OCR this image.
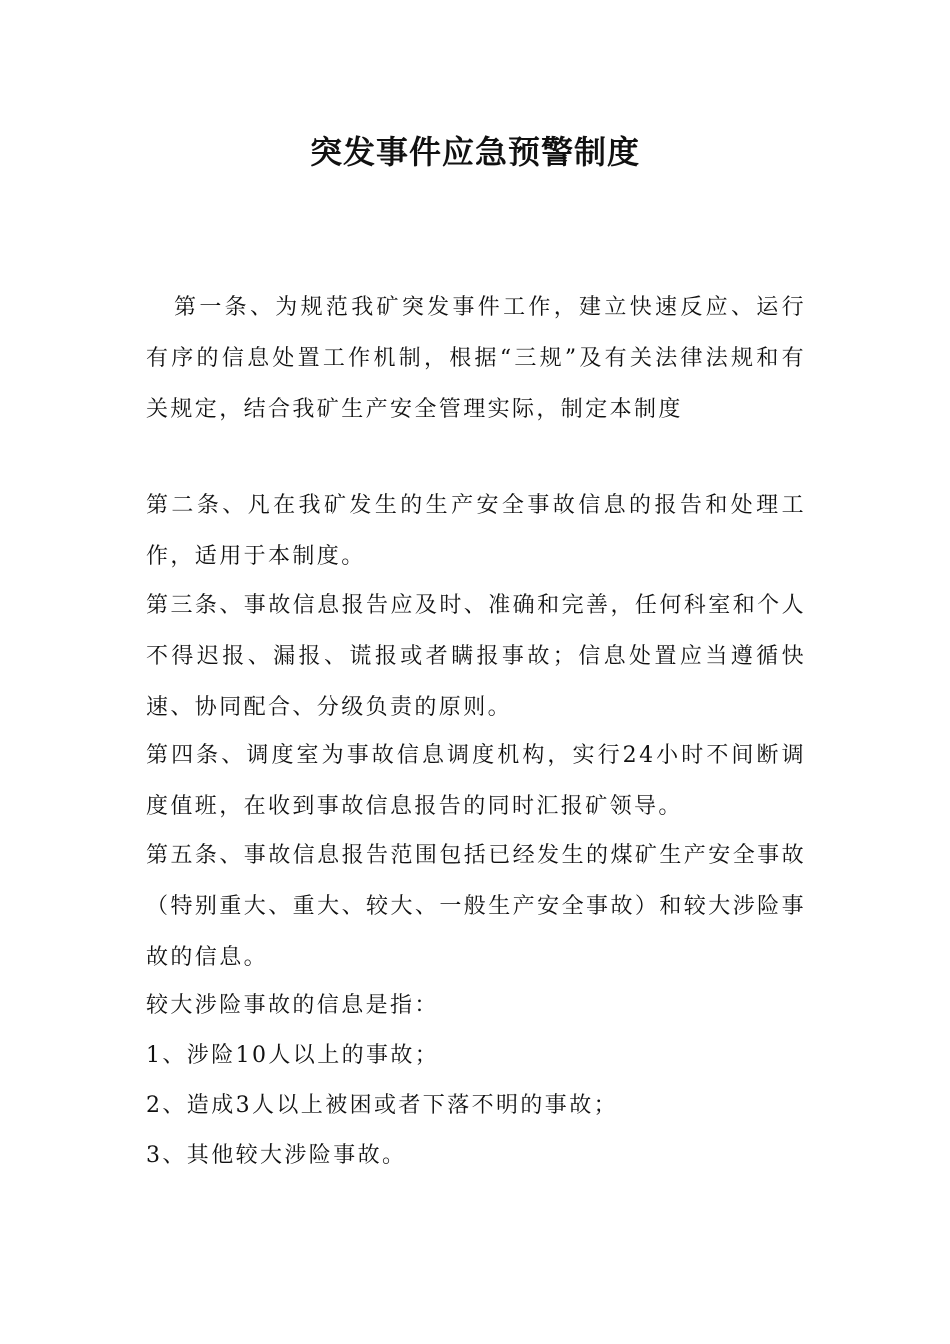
突发事件应急预警制度

第一条、为规范我矿突发事件工作，建立快速反应、运行有序的信息处置工作机制，根据“三规”及有关法律法规和有关规定，结合我矿生产安全管理实际，制定本制度

第二条、凡在我矿发生的生产安全事故信息的报告和处理工作，适用于本制度。

第三条、事故信息报告应及时、准确和完善，任何科室和个人不得迟报、漏报、谎报或者瞒报事故；信息处置应当遵循快速、协同配合、分级负责的原则。

第四条、调度室为事故信息调度机构，实行24小时不间断调度值班，在收到事故信息报告的同时汇报矿领导。

第五条、事故信息报告范围包括已经发生的煤矿生产安全事故（特别重大、重大、较大、一般生产安全事故）和较大涉险事故的信息。

较大涉险事故的信息是指：

1、涉险10人以上的事故；

2、造成3人以上被困或者下落不明的事故；

3、其他较大涉险事故。
